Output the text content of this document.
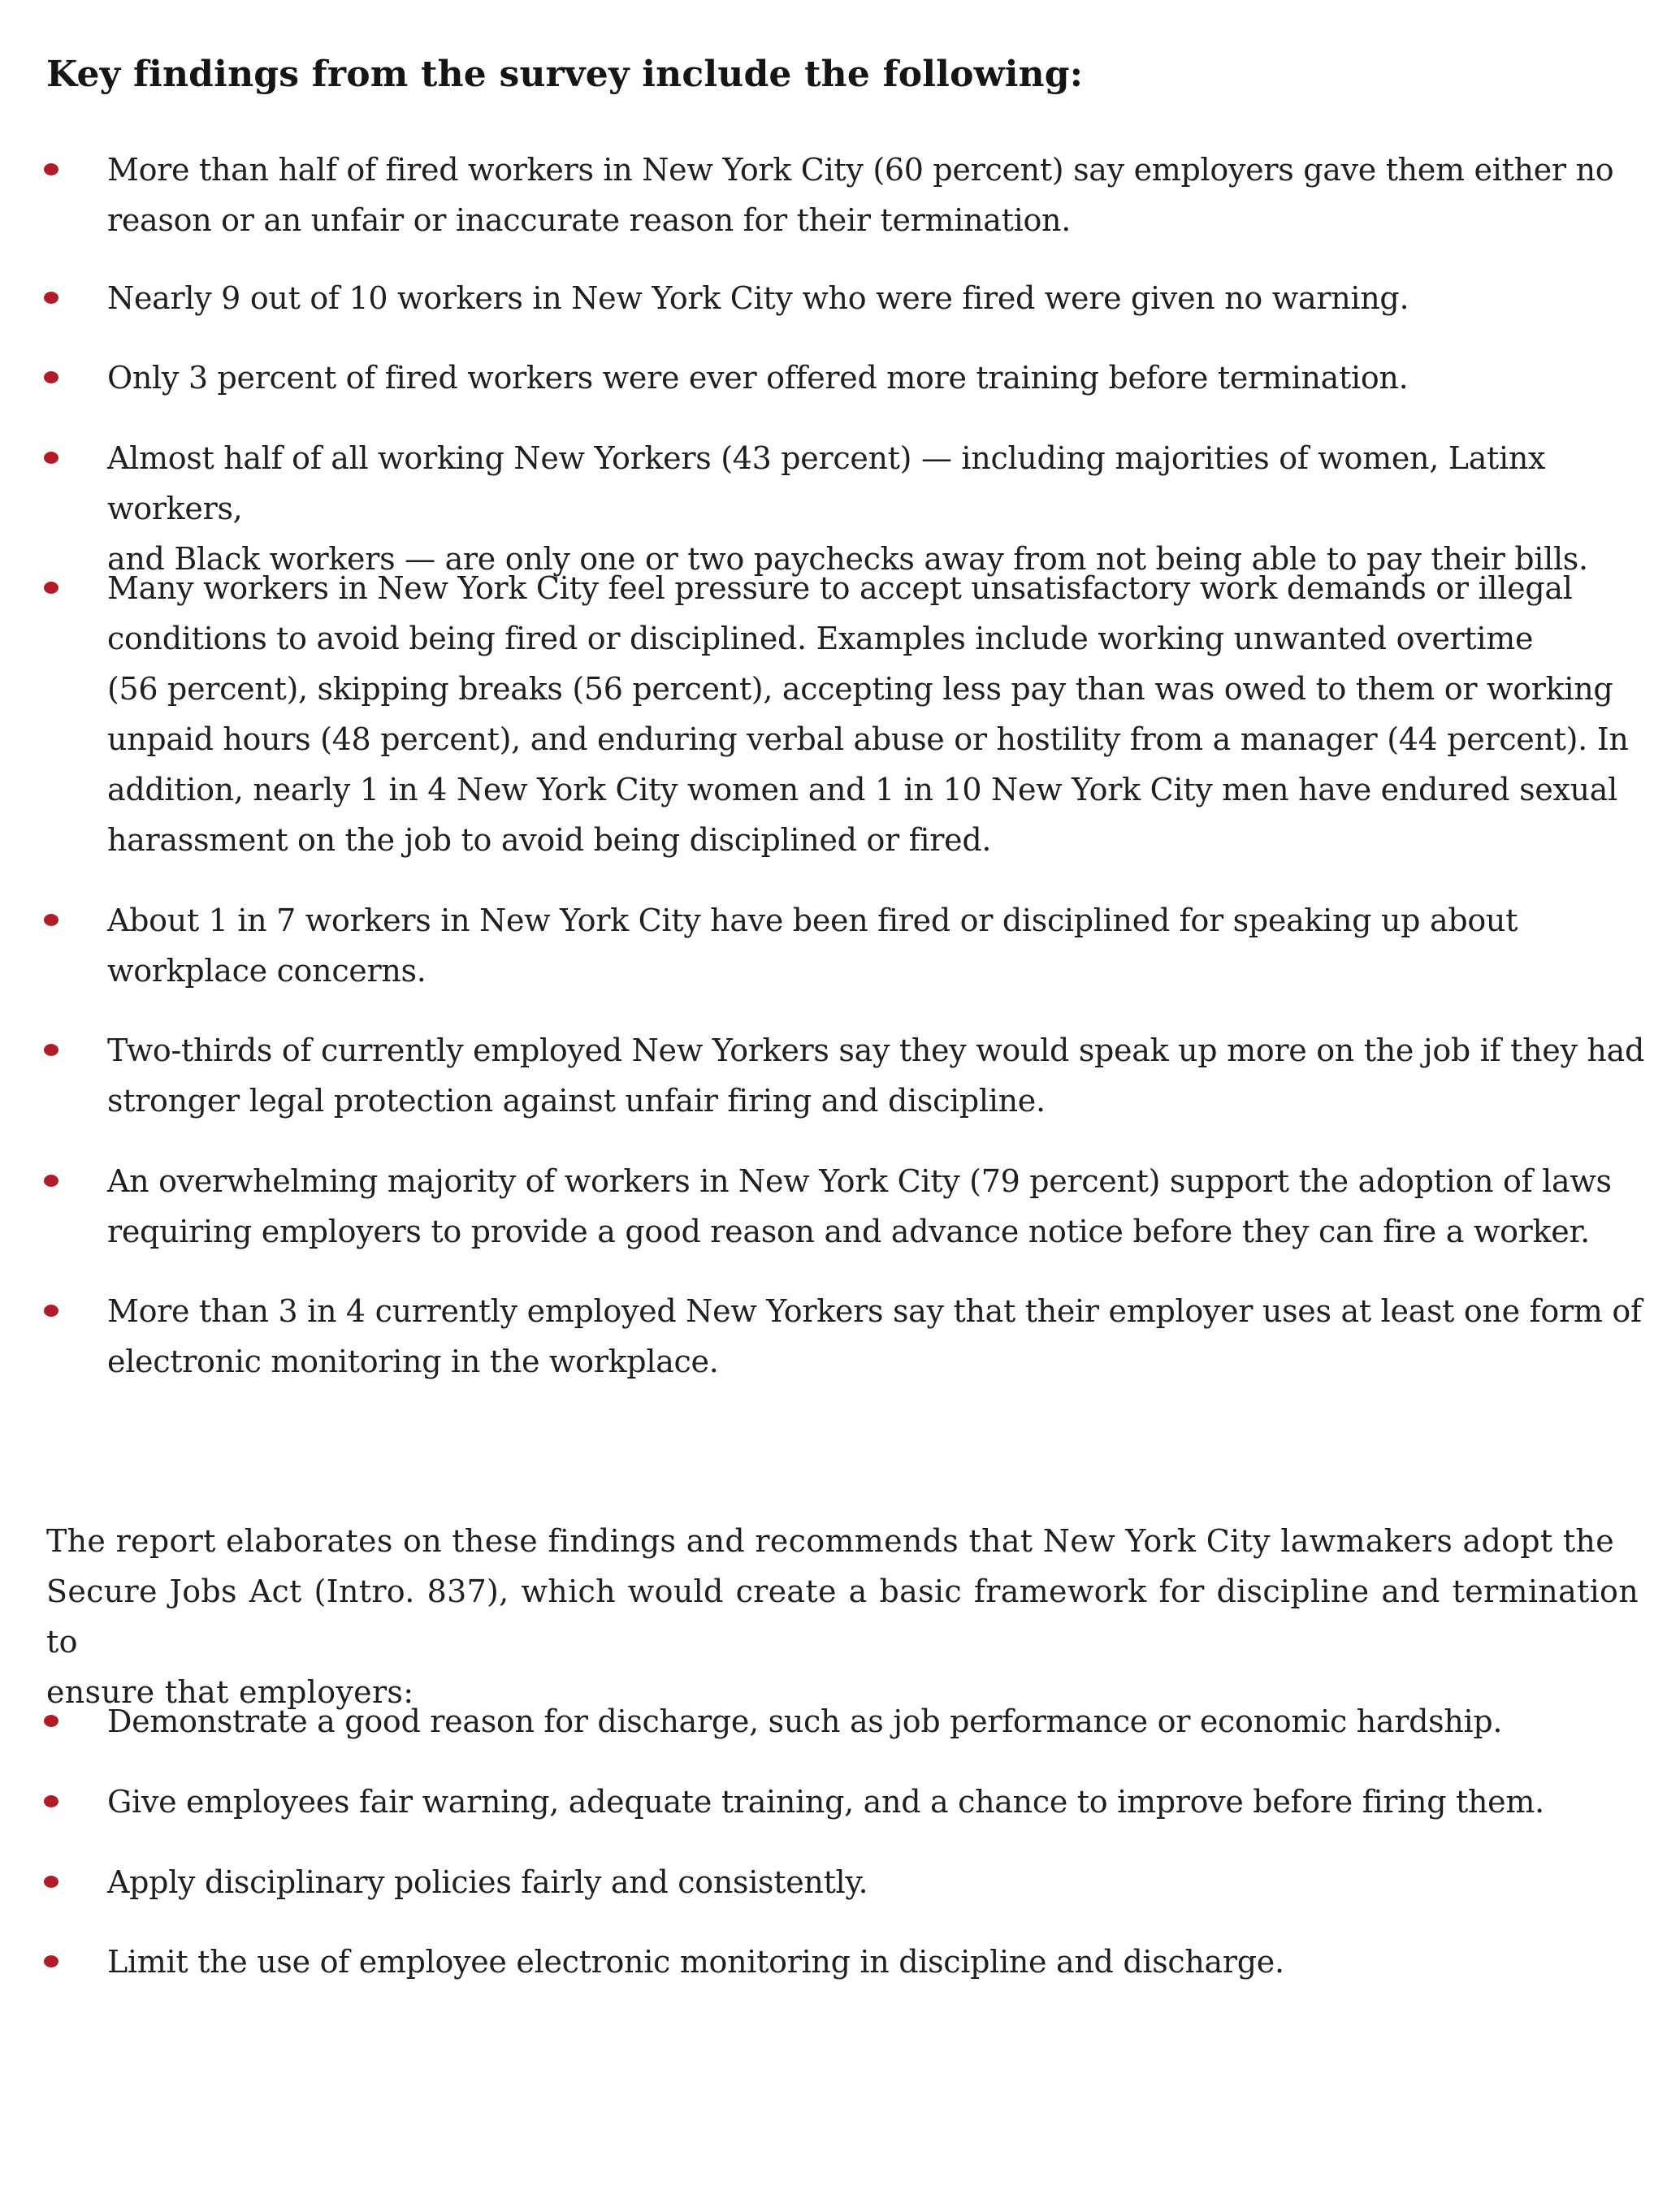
Key findings from the survey include the following:
More than half of fired workers in New York City (60 percent) say employers gave them either no
reason or an unfair or inaccurate reason for their termination.
Nearly 9 out of 10 workers in New York City who were fired were given no warning.
Only 3 percent of fired workers were ever offered more training before termination.
Almost half of all working New Yorkers (43 percent) — including majorities of women, Latinx workers,
and Black workers — are only one or two paychecks away from not being able to pay their bills.
Many workers in New York City feel pressure to accept unsatisfactory work demands or illegal
conditions to avoid being fired or disciplined. Examples include working unwanted overtime
(56 percent), skipping breaks (56 percent), accepting less pay than was owed to them or working
unpaid hours (48 percent), and enduring verbal abuse or hostility from a manager (44 percent). In
addition, nearly 1 in 4 New York City women and 1 in 10 New York City men have endured sexual
harassment on the job to avoid being disciplined or fired.
About 1 in 7 workers in New York City have been fired or disciplined for speaking up about
workplace concerns.
Two-thirds of currently employed New Yorkers say they would speak up more on the job if they had
stronger legal protection against unfair firing and discipline.
An overwhelming majority of workers in New York City (79 percent) support the adoption of laws
requiring employers to provide a good reason and advance notice before they can fire a worker.
More than 3 in 4 currently employed New Yorkers say that their employer uses at least one form of
electronic monitoring in the workplace.

The report elaborates on these findings and recommends that New York City lawmakers adopt the
Secure Jobs Act (Intro. 837), which would create a basic framework for discipline and termination to
ensure that employers:

Demonstrate a good reason for discharge, such as job performance or economic hardship.
Give employees fair warning, adequate training, and a chance to improve before firing them.
Apply disciplinary policies fairly and consistently.
Limit the use of employee electronic monitoring in discipline and discharge.
